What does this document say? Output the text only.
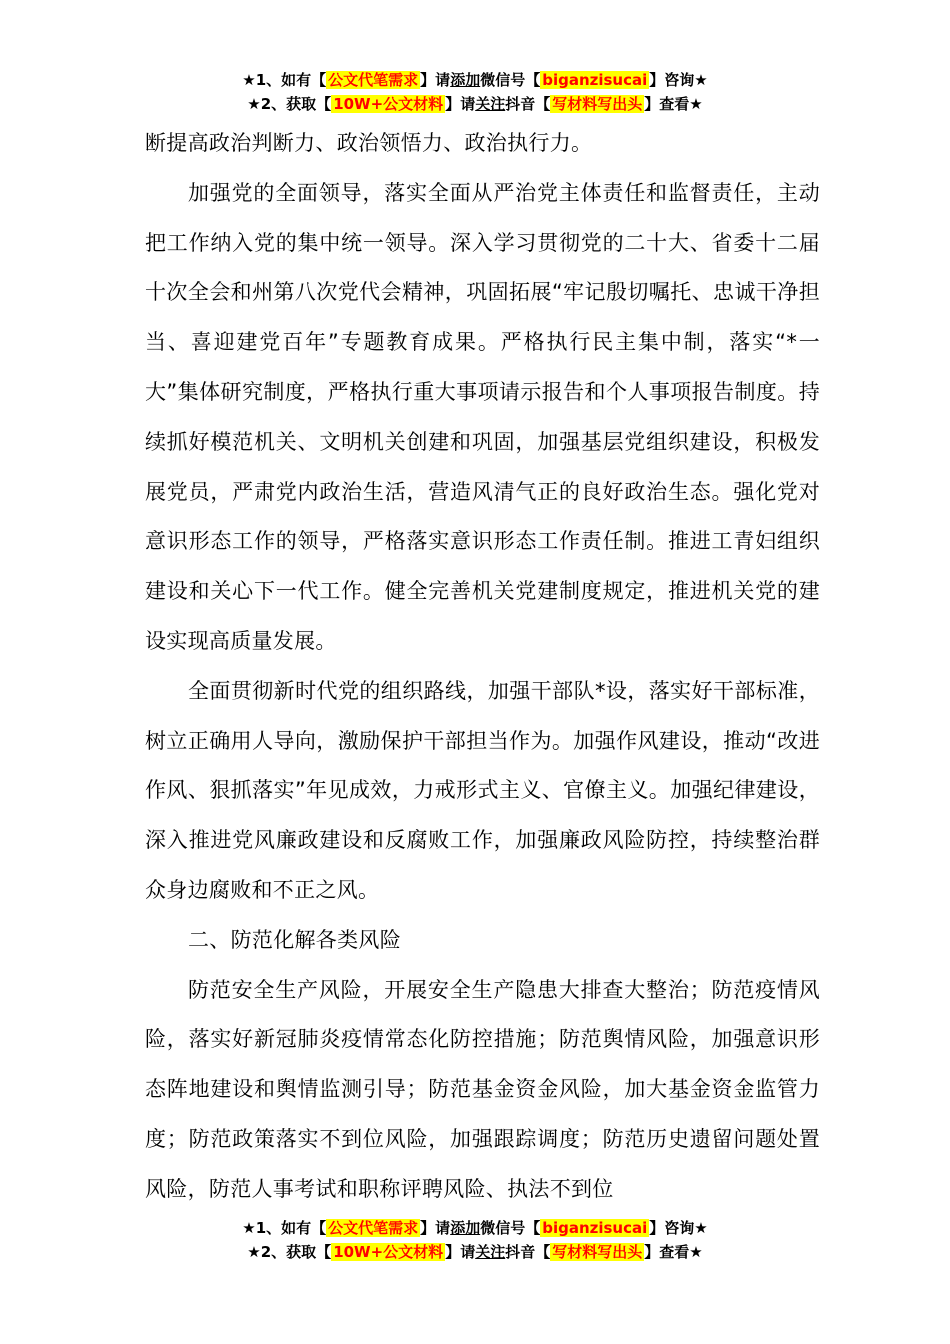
★1、如有【 公文代笔需求 】请添加微信号【 biganzisucai 】咨询★
★2、获取【 10W+公文材料 】请关注抖音【 写材料写出头 】查看★

断提高政治判断力、政治领悟力、政治执行力。

加强党的全面领导，落实全面从严治党主体责任和监督责任，主动把工作纳入党的集中统一领导。深入学习贯彻党的二十大、省委十二届十次全会和州第八次党代会精神，巩固拓展“牢记殷切嘱托、忠诚干净担当、喜迎建党百年”专题教育成果。严格执行民主集中制，落实“*一大”集体研究制度，严格执行重大事项请示报告和个人事项报告制度。持续抓好模范机关、文明机关创建和巩固，加强基层党组织建设，积极发展党员，严肃党内政治生活，营造风清气正的良好政治生态。强化党对意识形态工作的领导，严格落实意识形态工作责任制。推进工青妇组织建设和关心下一代工作。健全完善机关党建制度规定，推进机关党的建设实现高质量发展。

全面贯彻新时代党的组织路线，加强干部队*设，落实好干部标准，树立正确用人导向，激励保护干部担当作为。加强作风建设，推动“改进作风、狠抓落实”年见成效，力戒形式主义、官僚主义。加强纪律建设，深入推进党风廉政建设和反腐败工作，加强廉政风险防控，持续整治群众身边腐败和不正之风。

二、防范化解各类风险

防范安全生产风险，开展安全生产隐患大排查大整治；防范疫情风险，落实好新冠肺炎疫情常态化防控措施；防范舆情风险，加强意识形态阵地建设和舆情监测引导；防范基金资金风险，加大基金资金监管力度；防范政策落实不到位风险，加强跟踪调度；防范历史遗留问题处置风险，防范人事考试和职称评聘风险、执法不到位

★1、如有【 公文代笔需求 】请添加微信号【 biganzisucai 】咨询★
★2、获取【 10W+公文材料 】请关注抖音【 写材料写出头 】查看★
